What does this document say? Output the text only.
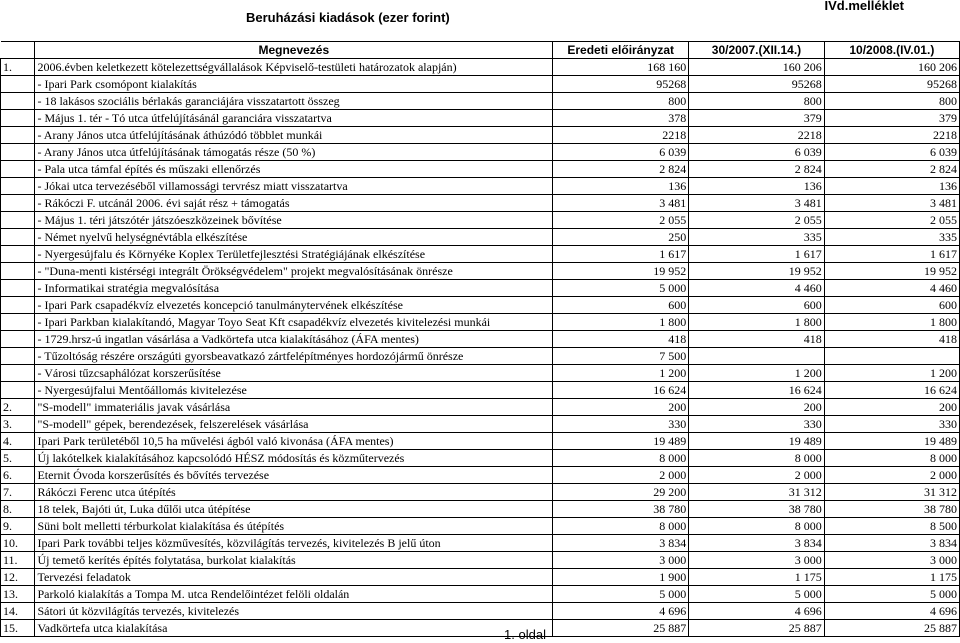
Beruházási kiadások (ezer forint)
IVd.melléklet
	Megnevezés	Eredeti előirányzat	30/2007.(XII.14.)	10/2008.(IV.01.)
1.	2006.évben keletkezett kötelezettségvállalások Képviselő-testületi határozatok alapján)	168 160	160 206	160 206
	- Ipari Park csomópont kialakítás	95268	95268	95268
	- 18 lakásos szociális bérlakás garanciájára visszatartott összeg	800	800	800
	- Május 1. tér - Tó utca útfelújításánál garanciára visszatartva	378	379	379
	- Arany János utca útfelújításának áthúzódó többlet munkái	2218	2218	2218
	- Arany János utca útfelújításának támogatás része (50 %)	6 039	6 039	6 039
	- Pala utca támfal építés és műszaki ellenőrzés	2 824	2 824	2 824
	- Jókai utca tervezéséből villamossági tervrész miatt visszatartva	136	136	136
	- Rákóczi F. utcánál 2006. évi saját rész + támogatás	3 481	3 481	3 481
	- Május 1. téri játszótér játszóeszközeinek bővítése	2 055	2 055	2 055
	- Német nyelvű helységnévtábla elkészítése	250	335	335
	- Nyergesújfalu és Környéke Koplex Területfejlesztési Stratégiájának elkészítése	1 617	1 617	1 617
	- "Duna-menti kistérségi integrált Örökségvédelem" projekt megvalósításának önrésze	19 952	19 952	19 952
	- Informatikai stratégia megvalósítása	5 000	4 460	4 460
	- Ipari Park csapadékvíz elvezetés koncepció tanulmánytervének elkészítése	600	600	600
	- Ipari Parkban kialakítandó, Magyar Toyo Seat Kft csapadékvíz elvezetés kivitelezési munkái	1 800	1 800	1 800
	- 1729.hrsz-ú ingatlan vásárlása a Vadkörtefa utca kialakításához (ÁFA mentes)	418	418	418
	- Tűzoltóság részére országúti gyorsbeavatkazó zártfelépítményes hordozójármű önrésze	7 500		
	- Városi tűzcsaphálózat korszerűsítése	1 200	1 200	1 200
	- Nyergesújfalui Mentőállomás kivitelezése	16 624	16 624	16 624
2.	"S-modell" immateriális javak vásárlása	200	200	200
3.	"S-modell" gépek, berendezések, felszerelések vásárlása	330	330	330
4.	Ipari Park területéből 10,5 ha művelési ágból való kivonása (ÁFA mentes)	19 489	19 489	19 489
5.	Új lakótelkek kialakításához kapcsolódó HÉSZ módosítás és közműtervezés	8 000	8 000	8 000
6.	Eternit Óvoda korszerűsítés és bővítés tervezése	2 000	2 000	2 000
7.	Rákóczi Ferenc utca útépítés	29 200	31 312	31 312
8.	18 telek, Bajóti út, Luka dűlői utca útépítése	38 780	38 780	38 780
9.	Süni bolt melletti térburkolat kialakítása és útépítés	8 000	8 000	8 500
10.	Ipari Park további teljes közművesítés, közvilágítás tervezés, kivitelezés B jelű úton	3 834	3 834	3 834
11.	Új temető kerítés építés folytatása, burkolat kialakítás	3 000	3 000	3 000
12.	Tervezési feladatok	1 900	1 175	1 175
13.	Parkoló kialakítás a Tompa M. utca Rendelőintézet felöli oldalán	5 000	5 000	5 000
14.	Sátori út közvilágítás tervezés, kivitelezés	4 696	4 696	4 696
15.	Vadkörtefa utca kialakítása	25 887	25 887	25 887
1. oldal
